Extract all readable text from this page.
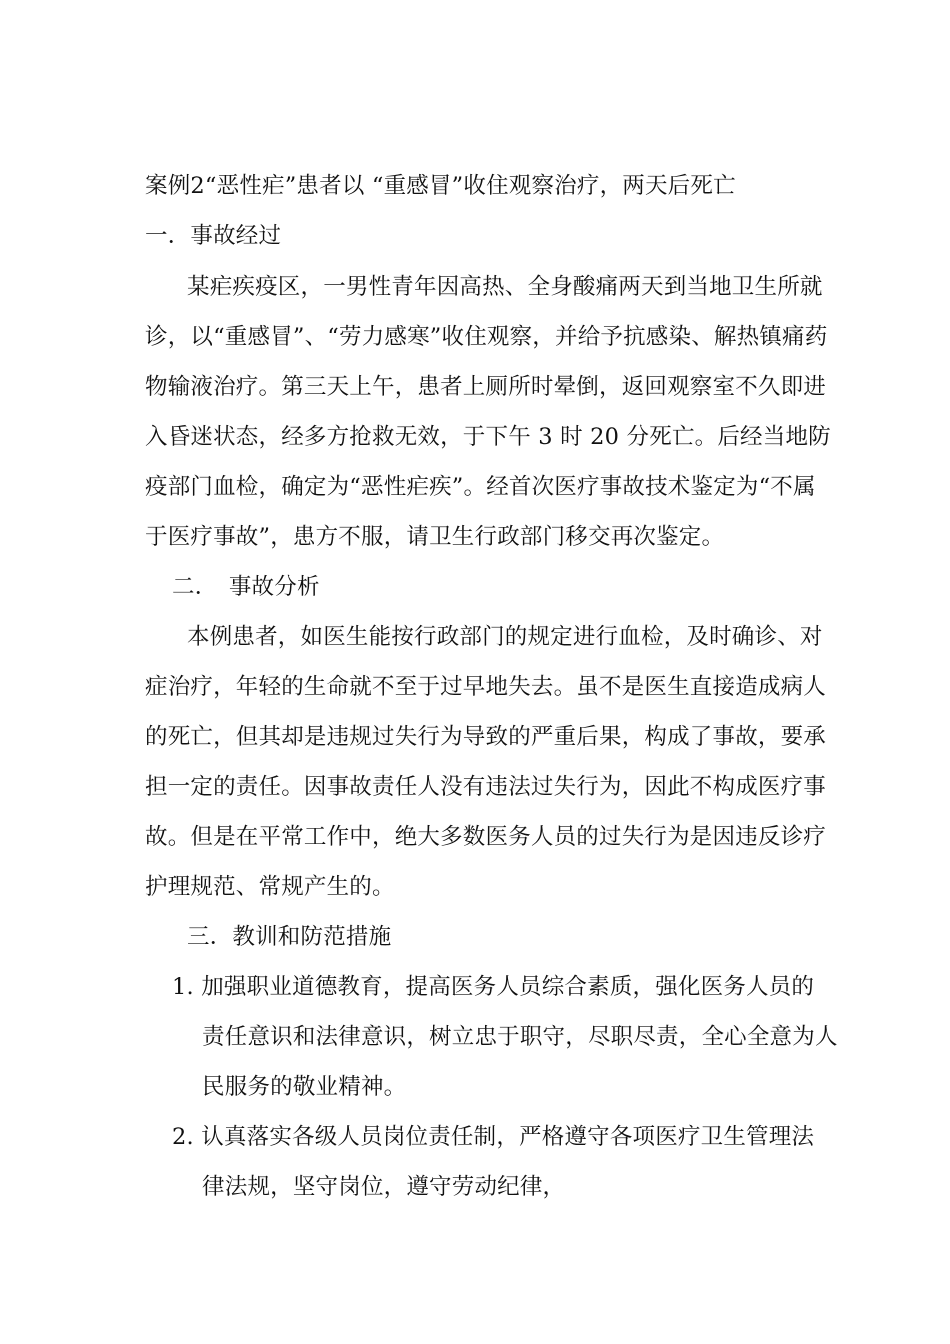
案例2“恶性疟”患者以 “重感冒”收住观察治疗，两天后死亡
一．事故经过
某疟疾疫区，一男性青年因高热、全身酸痛两天到当地卫生所就
诊，以“重感冒”、“劳力感寒”收住观察，并给予抗感染、解热镇痛药
物输液治疗。第三天上午，患者上厕所时晕倒，返回观察室不久即进
入昏迷状态，经多方抢救无效，于下午 3 时 20 分死亡。后经当地防
疫部门血检，确定为“恶性疟疾”。经首次医疗事故技术鉴定为“不属
于医疗事故”，患方不服，请卫生行政部门移交再次鉴定。
二．　事故分析
本例患者，如医生能按行政部门的规定进行血检，及时确诊、对
症治疗，年轻的生命就不至于过早地失去。虽不是医生直接造成病人
的死亡，但其却是违规过失行为导致的严重后果，构成了事故，要承
担一定的责任。因事故责任人没有违法过失行为，因此不构成医疗事
故。但是在平常工作中，绝大多数医务人员的过失行为是因违反诊疗
护理规范、常规产生的。
三．教训和防范措施
1. 加强职业道德教育，提高医务人员综合素质，强化医务人员的
　 责任意识和法律意识，树立忠于职守，尽职尽责，全心全意为人
　 民服务的敬业精神。
2. 认真落实各级人员岗位责任制，严格遵守各项医疗卫生管理法
　 律法规，坚守岗位，遵守劳动纪律，
